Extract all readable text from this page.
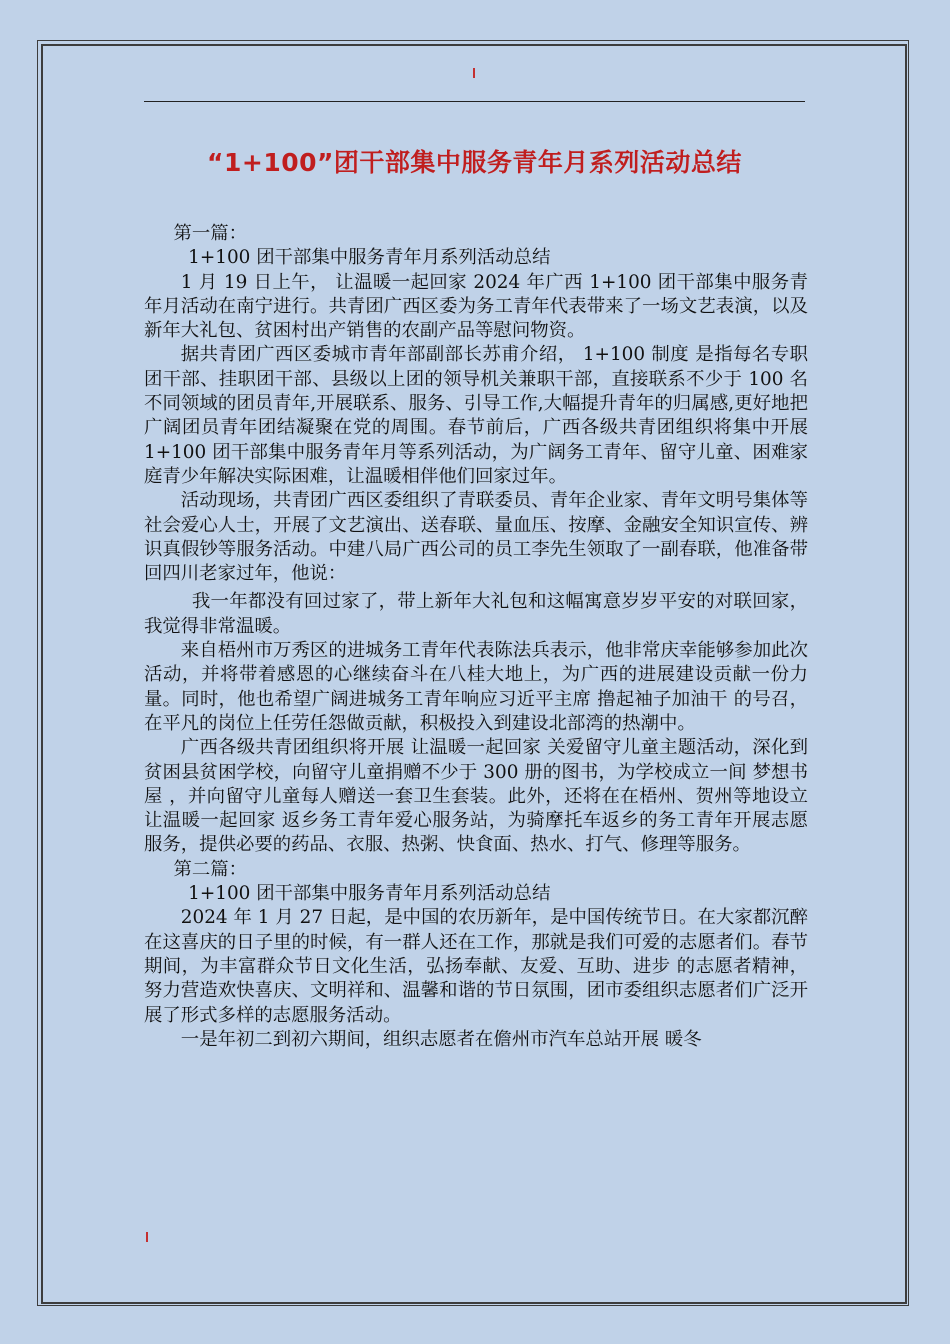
“1+100”团干部集中服务青年月系列活动总结

第一篇：

1+100 团干部集中服务青年月系列活动总结

1 月 19 日上午， 让温暖一起回家 2024 年广西 1+100 团干部集中服务青年月活动在南宁进行。共青团广西区委为务工青年代表带来了一场文艺表演，以及新年大礼包、贫困村出产销售的农副产品等慰问物资。

据共青团广西区委城市青年部副部长苏甫介绍， 1+100 制度 是指每名专职团干部、挂职团干部、县级以上团的领导机关兼职干部，直接联系不少于 100 名不同领域的团员青年,开展联系、服务、引导工作,大幅提升青年的归属感,更好地把广阔团员青年团结凝聚在党的周围。春节前后，广西各级共青团组织将集中开展 1+100 团干部集中服务青年月等系列活动，为广阔务工青年、留守儿童、困难家庭青少年解决实际困难，让温暖相伴他们回家过年。

活动现场，共青团广西区委组织了青联委员、青年企业家、青年文明号集体等社会爱心人士，开展了文艺演出、送春联、量血压、按摩、金融安全知识宣传、辨识真假钞等服务活动。中建八局广西公司的员工李先生领取了一副春联，他准备带回四川老家过年，他说：

我一年都没有回过家了，带上新年大礼包和这幅寓意岁岁平安的对联回家，我觉得非常温暖。

来自梧州市万秀区的进城务工青年代表陈法兵表示，他非常庆幸能够参加此次活动，并将带着感恩的心继续奋斗在八桂大地上，为广西的进展建设贡献一份力量。同时，他也希望广阔进城务工青年响应习近平主席 撸起袖子加油干 的号召，在平凡的岗位上任劳任怨做贡献，积极投入到建设北部湾的热潮中。

广西各级共青团组织将开展 让温暖一起回家 关爱留守儿童主题活动，深化到贫困县贫困学校，向留守儿童捐赠不少于 300 册的图书，为学校成立一间 梦想书屋 ，并向留守儿童每人赠送一套卫生套装。此外，还将在在梧州、贺州等地设立 让温暖一起回家 返乡务工青年爱心服务站，为骑摩托车返乡的务工青年开展志愿服务，提供必要的药品、衣服、热粥、快食面、热水、打气、修理等服务。

第二篇：

1+100 团干部集中服务青年月系列活动总结

2024 年 1 月 27 日起，是中国的农历新年，是中国传统节日。在大家都沉醉在这喜庆的日子里的时候，有一群人还在工作，那就是我们可爱的志愿者们。春节期间，为丰富群众节日文化生活，弘扬奉献、友爱、互助、进步 的志愿者精神，努力营造欢快喜庆、文明祥和、温馨和谐的节日氛围，团市委组织志愿者们广泛开展了形式多样的志愿服务活动。

一是年初二到初六期间，组织志愿者在儋州市汽车总站开展 暖冬
